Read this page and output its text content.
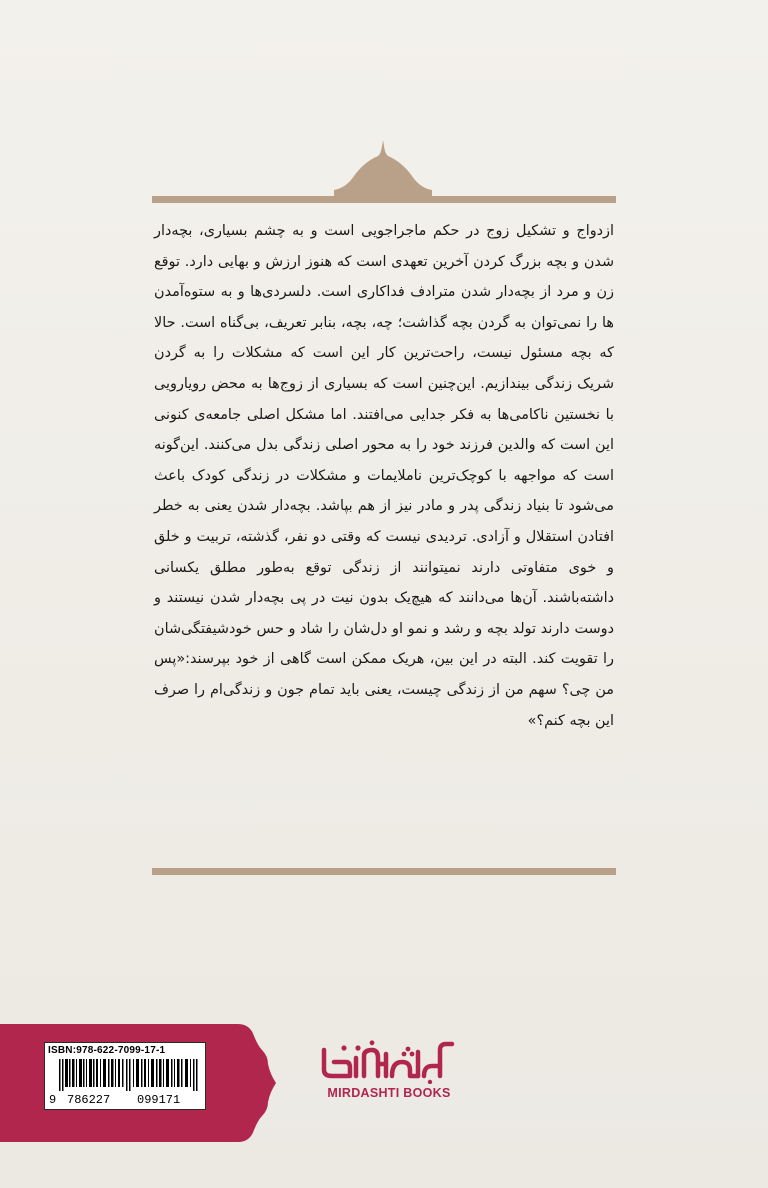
ازدواج و تشکیل زوج در حکم ماجراجویی است و به چشم بسیاری، بچه‌دار شدن و بچه بزرگ کردن آخرین تعهدی است که هنوز ارزش و بهایی دارد. توقع زن و مرد از بچه‌دار شدن مترادف فداکاری است. دلسردی‌ها و به ستوه‌آمدن ها را نمی‌توان به گردن بچه گذاشت؛ چه، بچه، بنابر تعریف، بی‌گناه است. حالا که بچه مسئول نیست، راحت‌ترین کار این است که مشکلات را به گردن شریک زندگی بیندازیم. این‌چنین است که بسیاری از زوج‌ها به محض رویارویی با نخستین ناکامی‌ها به فکر جدایی می‌افتند. اما مشکل اصلی جامعه‌ی کنونی این است که والدین فرزند خود را به محور اصلی زندگی بدل می‌کنند. این‌گونه است که مواجهه با کوچک‌ترین ناملایمات و مشکلات در زندگی کودک باعث می‌شود تا بنیاد زندگی پدر و مادر نیز از هم بپاشد. بچه‌دار شدن یعنی به خطر افتادن استقلال و آزادی. تردیدی نیست که وقتی دو نفر، گذشته، تربیت و خلق و خوی متفاوتی دارند نمیتوانند از زندگی توقع به‌طور مطلق یکسانی داشته‌باشند. آن‌ها می‌دانند که هیچ‌یک بدون نیت در پی بچه‌دار شدن نیستند و دوست دارند تولد بچه و رشد و نمو او دل‌شان را شاد و حس خودشیفتگی‌شان را تقویت کند. البته در این بین، هریک ممکن است گاهی از خود بپرسند:«پس من چی؟ سهم من از زندگی چیست، یعنی باید تمام جون و زندگی‌ام را صرف این بچه کنم؟»

ISBN:978-622-7099-17-1
9 786227 099171	MIRDASHTI BOOKS
